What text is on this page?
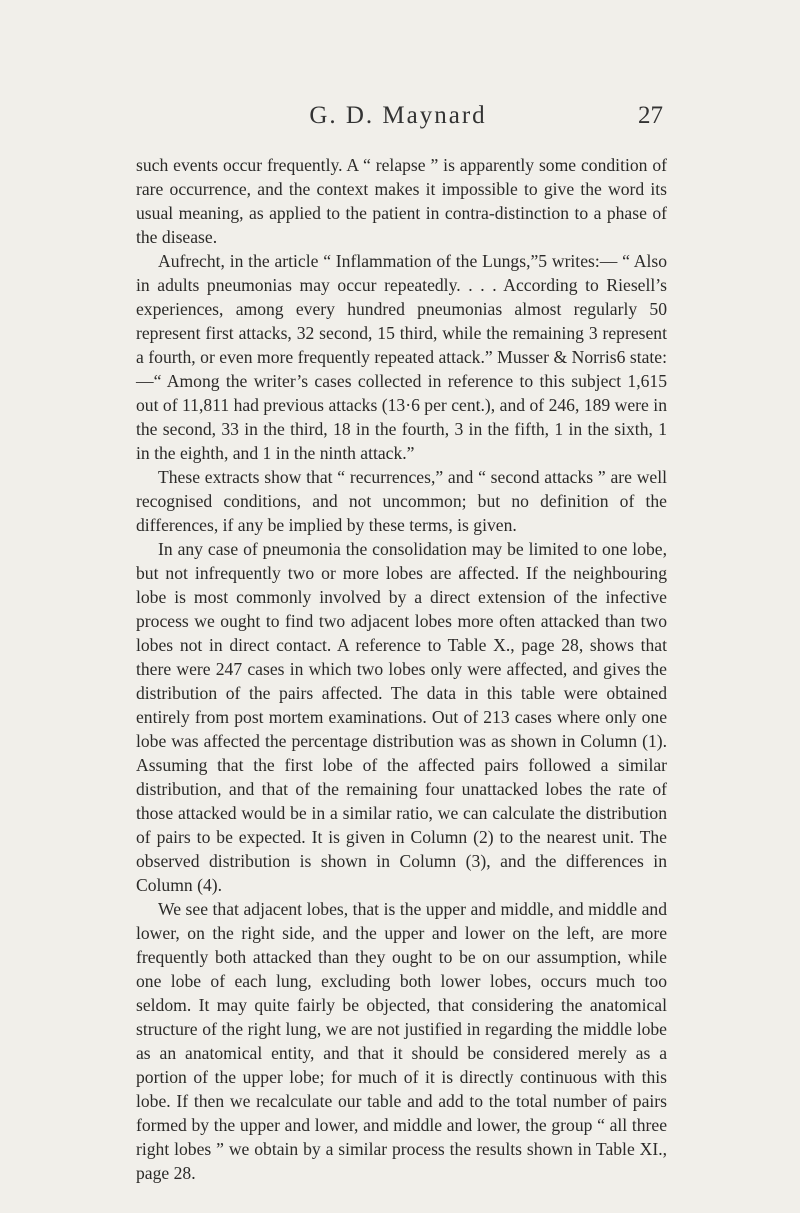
G. D. Maynard	27

such events occur frequently. A “ relapse ” is apparently some condition of rare occurrence, and the context makes it impossible to give the word its usual meaning, as applied to the patient in contra-distinction to a phase of the disease.

Aufrecht, in the article “ Inflammation of the Lungs,”5 writes:— “ Also in adults pneumonias may occur repeatedly. . . . According to Riesell’s experiences, among every hundred pneumonias almost regularly 50 represent first attacks, 32 second, 15 third, while the remaining 3 represent a fourth, or even more frequently repeated attack.” Musser & Norris6 state:—“ Among the writer’s cases collected in reference to this subject 1,615 out of 11,811 had previous attacks (13·6 per cent.), and of 246, 189 were in the second, 33 in the third, 18 in the fourth, 3 in the fifth, 1 in the sixth, 1 in the eighth, and 1 in the ninth attack.”

These extracts show that “ recurrences,” and “ second attacks ” are well recognised conditions, and not uncommon; but no definition of the differences, if any be implied by these terms, is given.

In any case of pneumonia the consolidation may be limited to one lobe, but not infrequently two or more lobes are affected. If the neighbouring lobe is most commonly involved by a direct extension of the infective process we ought to find two adjacent lobes more often attacked than two lobes not in direct contact. A reference to Table X., page 28, shows that there were 247 cases in which two lobes only were affected, and gives the distribution of the pairs affected. The data in this table were obtained entirely from post mortem examinations. Out of 213 cases where only one lobe was affected the percentage distribution was as shown in Column (1). Assuming that the first lobe of the affected pairs followed a similar distribution, and that of the remaining four unattacked lobes the rate of those attacked would be in a similar ratio, we can calculate the distribution of pairs to be expected. It is given in Column (2) to the nearest unit. The observed distribution is shown in Column (3), and the differences in Column (4).

We see that adjacent lobes, that is the upper and middle, and middle and lower, on the right side, and the upper and lower on the left, are more frequently both attacked than they ought to be on our assumption, while one lobe of each lung, excluding both lower lobes, occurs much too seldom. It may quite fairly be objected, that considering the anatomical structure of the right lung, we are not justified in regarding the middle lobe as an anatomical entity, and that it should be considered merely as a portion of the upper lobe; for much of it is directly continuous with this lobe. If then we recalculate our table and add to the total number of pairs formed by the upper and lower, and middle and lower, the group “ all three right lobes ” we obtain by a similar process the results shown in Table XI., page 28.
